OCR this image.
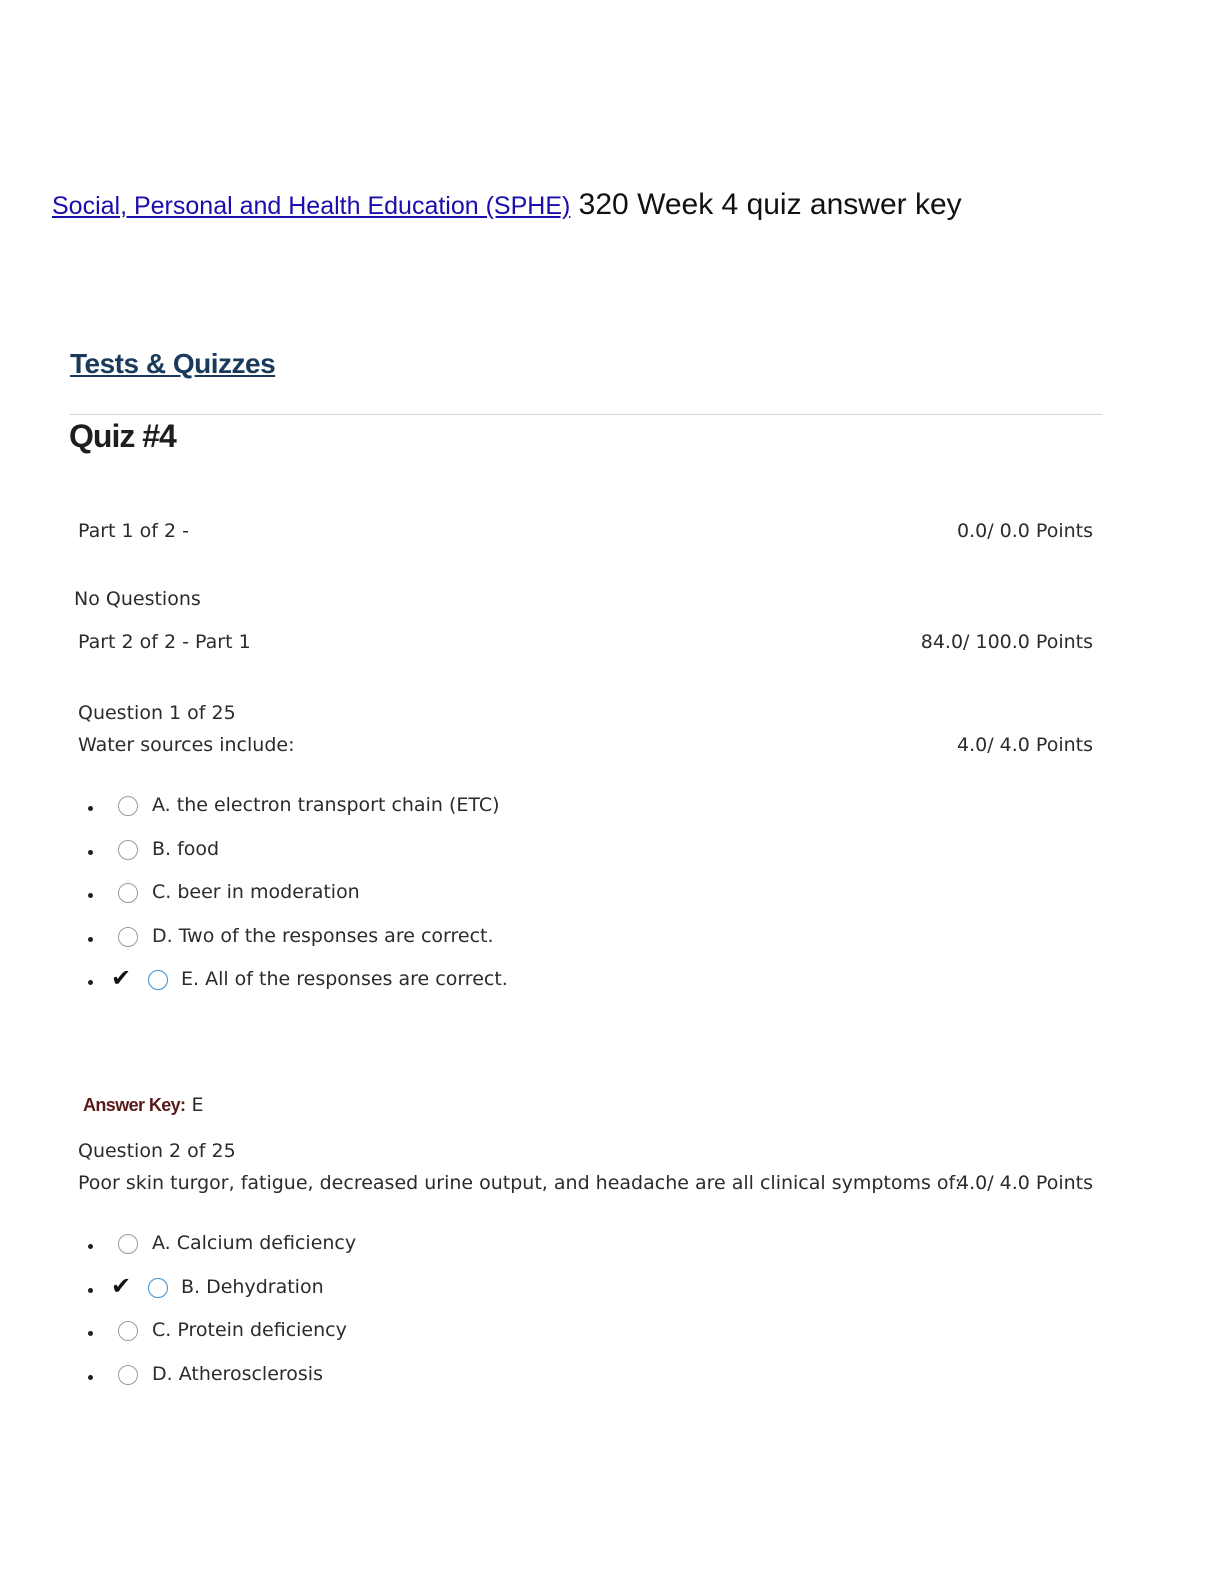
Social, Personal and Health Education (SPHE) 320 Week 4 quiz answer key
Tests & Quizzes
Quiz #4
Part 1 of 2 -	0.0/ 0.0 Points
No Questions
Part 2 of 2 - Part 1	84.0/ 100.0 Points
Question 1 of 25
Water sources include:	4.0/ 4.0 Points
A. the electron transport chain (ETC)
B. food
C. beer in moderation
D. Two of the responses are correct.
✔	E. All of the responses are correct.
Answer Key: E
Question 2 of 25
Poor skin turgor, fatigue, decreased urine output, and headache are all clinical symptoms of:
4.0/ 4.0 Points
A. Calcium deficiency
✔	B. Dehydration
C. Protein deficiency
D. Atherosclerosis
